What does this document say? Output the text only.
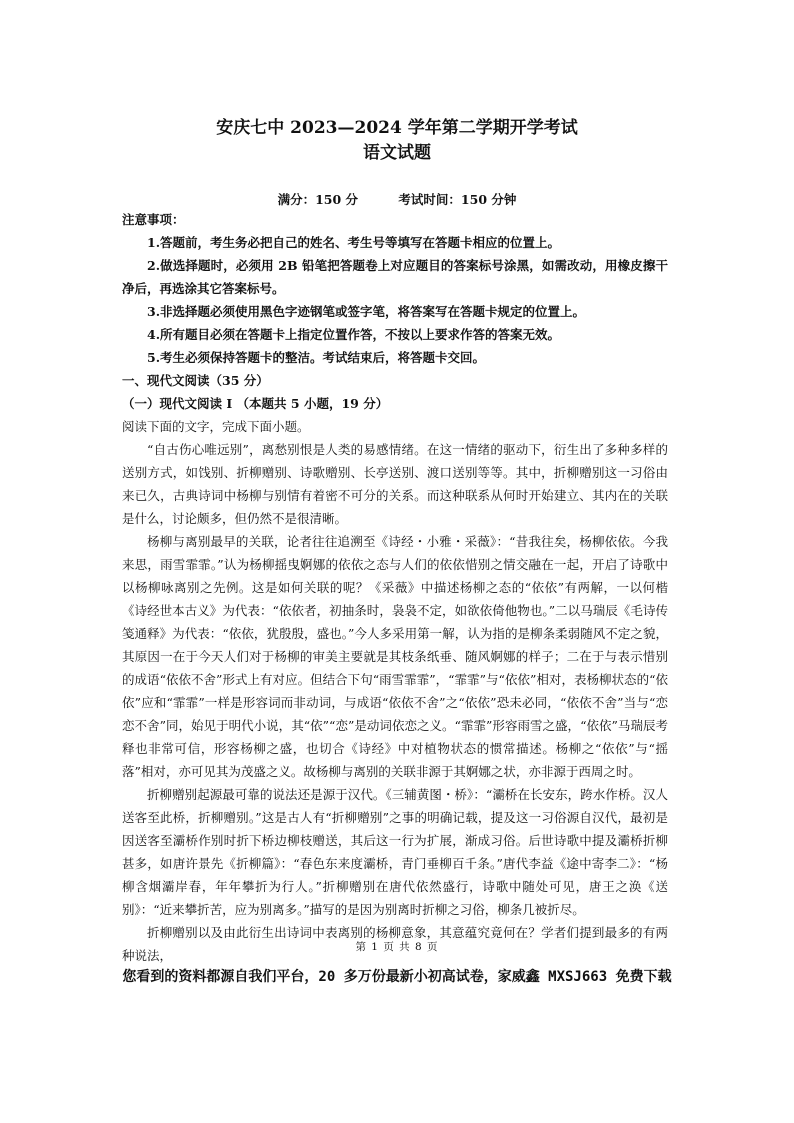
安庆七中 2023—2024 学年第二学期开学考试
语文试题
满分：150 分	考试时间：150 分钟

注意事项：

1.答题前，考生务必把自己的姓名、考生号等填写在答题卡相应的位置上。

2.做选择题时，必须用 2B 铅笔把答题卷上对应题目的答案标号涂黑，如需改动，用橡皮擦干净后，再选涂其它答案标号。

3.非选择题必须使用黑色字迹钢笔或签字笔，将答案写在答题卡规定的位置上。

4.所有题目必须在答题卡上指定位置作答，不按以上要求作答的答案无效。

5.考生必须保持答题卡的整洁。考试结束后，将答题卡交回。

一、现代文阅读（35 分）

（一）现代文阅读 I （本题共 5 小题，19 分）

阅读下面的文字，完成下面小题。

“自古伤心唯远别”，离愁别恨是人类的易感情绪。在这一情绪的驱动下，衍生出了多种多样的送别方式，如饯别、折柳赠别、诗歌赠别、长亭送别、渡口送别等等。其中，折柳赠别这一习俗由来已久，古典诗词中杨柳与别情有着密不可分的关系。而这种联系从何时开始建立、其内在的关联是什么，讨论颇多，但仍然不是很清晰。

杨柳与离别最早的关联，论者往往追溯至《诗经・小雅・采薇》：“昔我往矣，杨柳依依。今我来思，雨雪霏霏。”认为杨柳摇曳婀娜的依依之态与人们的依依惜别之情交融在一起，开启了诗歌中以杨柳咏离别之先例。这是如何关联的呢？《采薇》中描述杨柳之态的“依依”有两解，一以何楷《诗经世本古义》为代表：“依依者，初抽条时，袅袅不定，如欲依倚他物也。”二以马瑞辰《毛诗传笺通释》为代表：“依依，犹殷殷，盛也。”今人多采用第一解，认为指的是柳条柔弱随风不定之貌，其原因一在于今天人们对于杨柳的审美主要就是其枝条纸垂、随风婀娜的样子；二在于与表示惜别的成语“依依不舍”形式上有对应。但结合下句“雨雪霏霏”，“霏霏”与“依依”相对，表杨柳状态的“依依”应和“霏霏”一样是形容词而非动词，与成语“依依不舍”之“依依”恐未必同，“依依不舍”当与“恋恋不舍”同，始见于明代小说，其“依”“恋”是动词依恋之义。“霏霏”形容雨雪之盛，“依依”马瑞辰考释也非常可信，形容杨柳之盛，也切合《诗经》中对植物状态的惯常描述。杨柳之“依依”与“摇落”相对，亦可见其为茂盛之义。故杨柳与离别的关联非源于其婀娜之状，亦非源于西周之时。

折柳赠别起源最可靠的说法还是源于汉代。《三辅黄图・桥》：“灞桥在长安东，跨水作桥。汉人送客至此桥，折柳赠别。”这是古人有“折柳赠别”之事的明确记载，提及这一习俗源自汉代，最初是因送客至灞桥作别时折下桥边柳枝赠送，其后这一行为扩展，渐成习俗。后世诗歌中提及灞桥折柳甚多，如唐许景先《折柳篇》：“春色东来度灞桥，青门垂柳百千条。”唐代李益《途中寄李二》：“杨柳含烟灞岸春，年年攀折为行人。”折柳赠别在唐代依然盛行，诗歌中随处可见，唐王之涣《送别》：“近来攀折苦，应为别离多。”描写的是因为别离时折柳之习俗，柳条几被折尽。

折柳赠别以及由此衍生出诗词中表离别的杨柳意象，其意蕴究竟何在？学者们提到最多的有两种说法，

第 1 页 共 8 页
您看到的资料都源自我们平台，20 多万份最新小初高试卷，家威鑫 MXSJ663 免费下载
